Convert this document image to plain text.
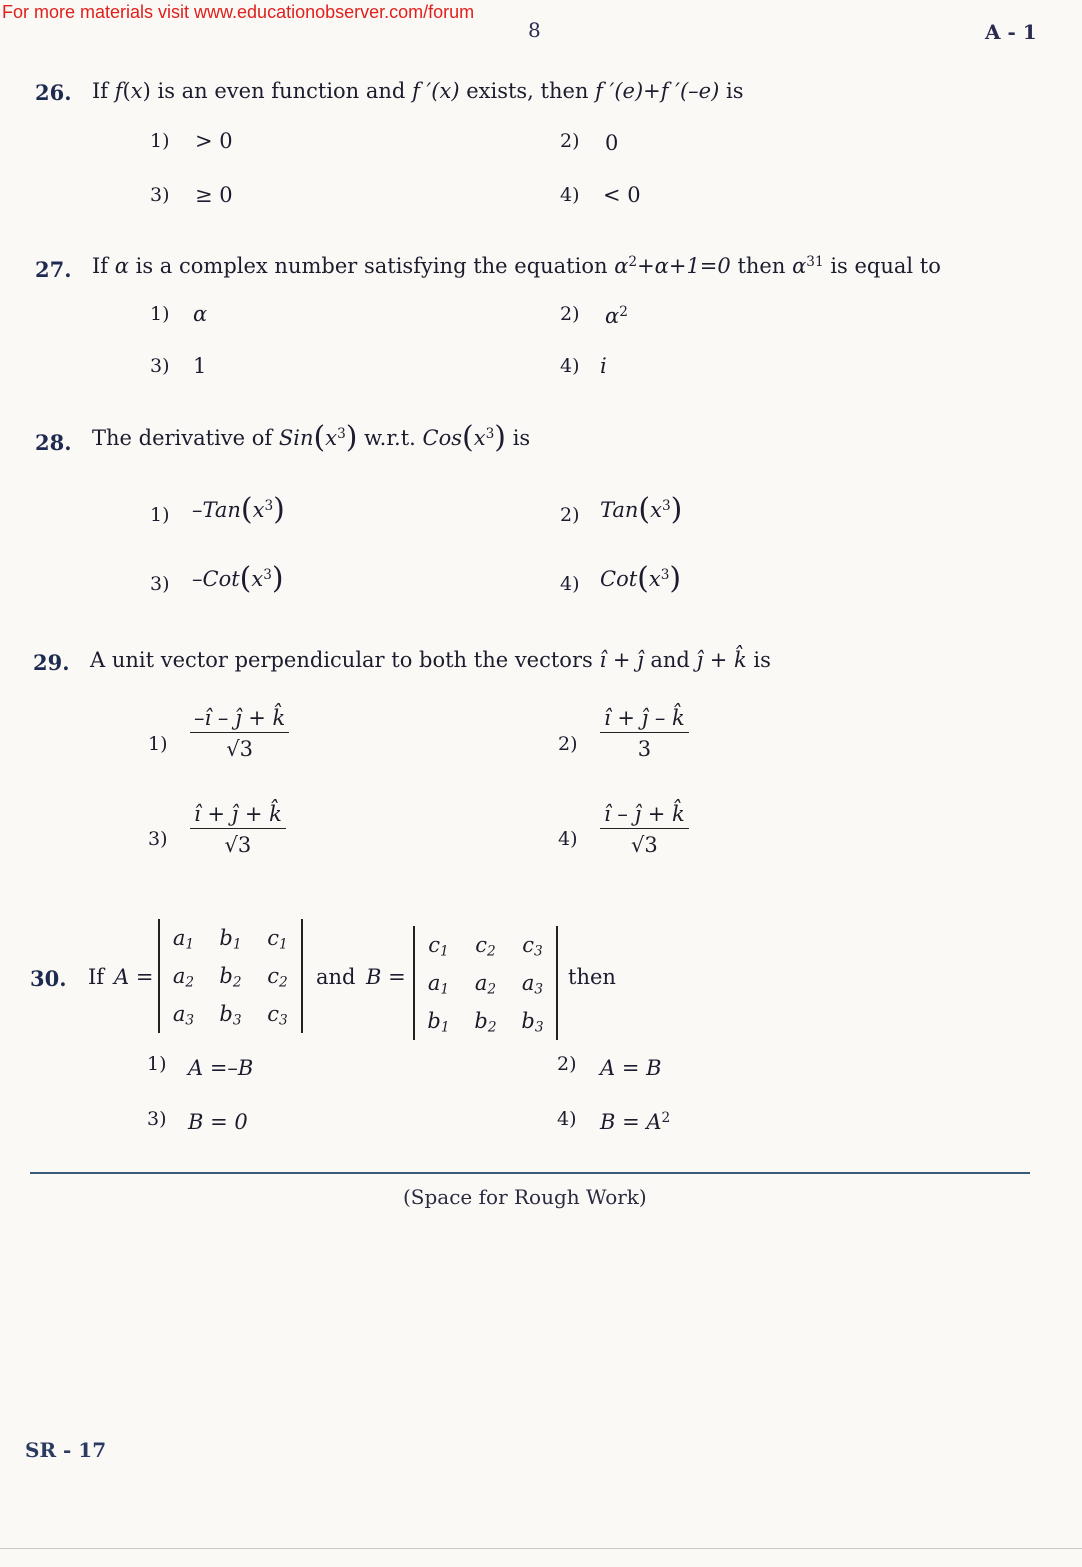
For more materials visit www.educationobserver.com/forum
8	A - 1
26. If f(x) is an even function and f ′(x) exists, then f ′(e)+f ′(–e) is
1) > 0	2) 0
3) ≥ 0	4) < 0
27. If α is a complex number satisfying the equation $\alpha^2+\alpha+1=0$ then $\alpha^{31}$ is equal to
1) α	2) $\alpha^2$
3) 1	4) i
28. The derivative of $Sin(x^3)$ w.r.t. $Cos(x^3)$ is
1) $-Tan(x^3)$	2) $Tan(x^3)$
3) $-Cot(x^3)$	4) $Cot(x^3)$
29. A unit vector perpendicular to both the vectors î + ĵ and ĵ + k̂ is
$1) \frac{-î - ĵ + k̂}{√3}$	$2) \frac{î + ĵ - k̂}{3}$
$3) \frac{î + ĵ + k̂}{√3}$	$4) \frac{î - ĵ + k̂}{√3}$
30. If A =
$a_1$	$b_1$	$c_1$
$a_2$	$b_2$	$c_2$
$a_3$	$b_3$	$c_3$
and B =
$c_1$	$c_2$	$c_3$
$a_1$	$a_2$	$a_3$
$b_1$	$b_2$	$b_3$
then
1) A =–B	2) A = B
3) B = 0	4) $B = A^2$
(Space for Rough Work)
SR - 17
